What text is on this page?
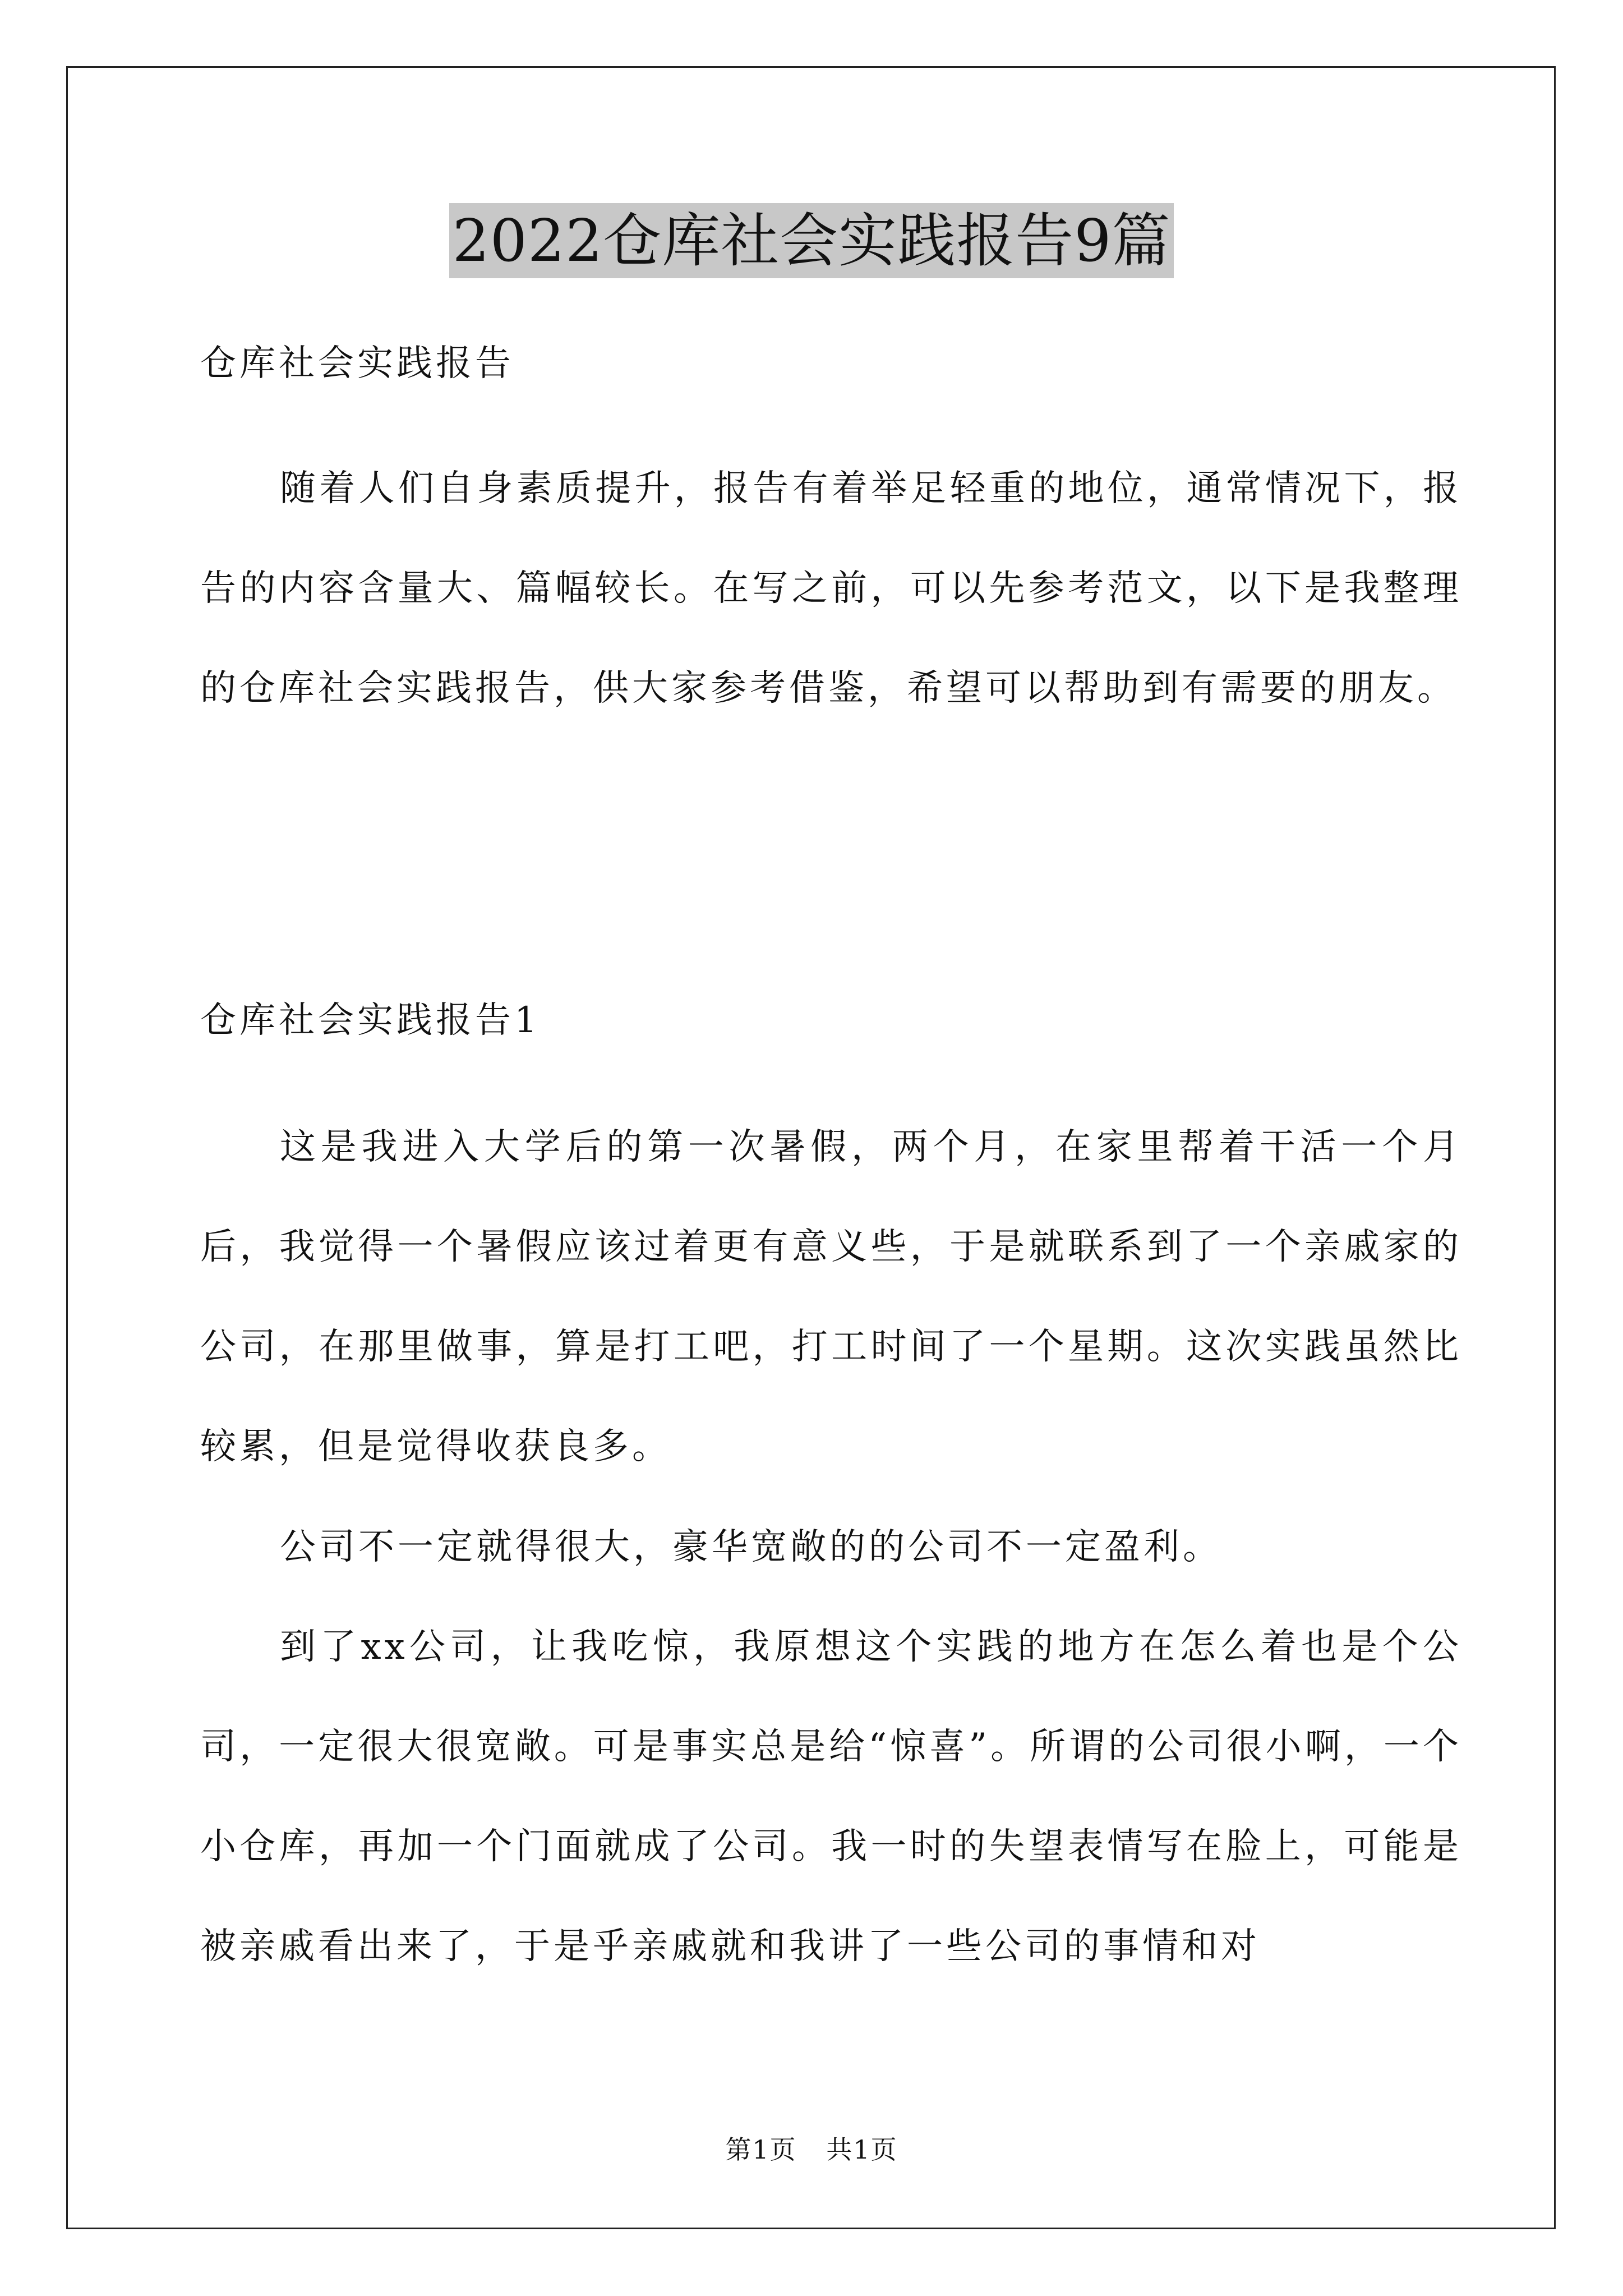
2022仓库社会实践报告9篇

仓库社会实践报告

随着人们自身素质提升，报告有着举足轻重的地位，通常情况下，报告的内容含量大、篇幅较长。在写之前，可以先参考范文，以下是我整理的仓库社会实践报告，供大家参考借鉴，希望可以帮助到有需要的朋友。

仓库社会实践报告1

这是我进入大学后的第一次暑假，两个月，在家里帮着干活一个月后，我觉得一个暑假应该过着更有意义些，于是就联系到了一个亲戚家的公司，在那里做事，算是打工吧，打工时间了一个星期。这次实践虽然比较累，但是觉得收获良多。

公司不一定就得很大，豪华宽敞的的公司不一定盈利。

到了xx公司，让我吃惊，我原想这个实践的地方在怎么着也是个公司，一定很大很宽敞。可是事实总是给“惊喜”。所谓的公司很小啊，一个小仓库，再加一个门面就成了公司。我一时的失望表情写在脸上，可能是被亲戚看出来了，于是乎亲戚就和我讲了一些公司的事情和对

第1页 共1页
